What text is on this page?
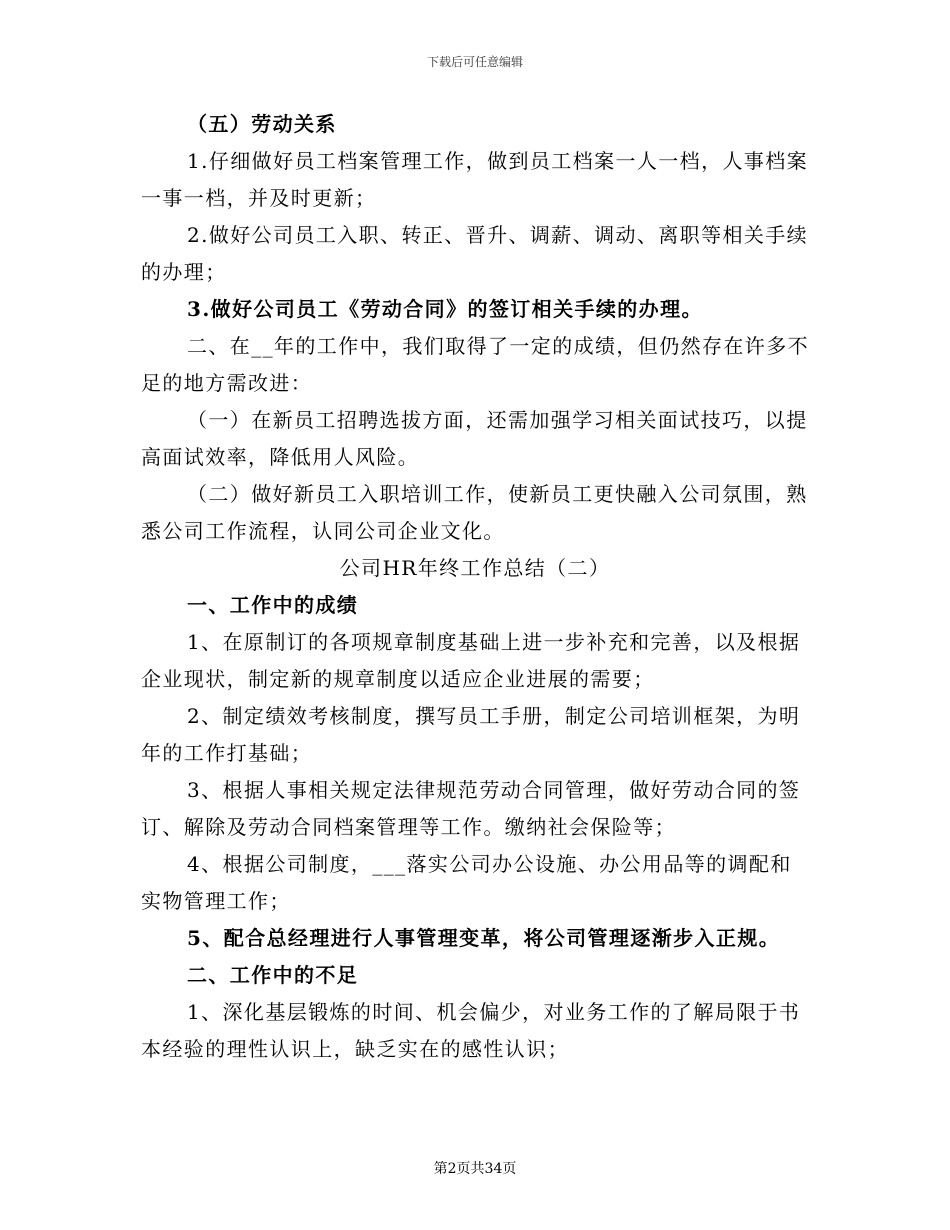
下载后可任意编辑

（五）劳动关系

1.仔细做好员工档案管理工作，做到员工档案一人一档，人事档案一事一档，并及时更新；

2.做好公司员工入职、转正、晋升、调薪、调动、离职等相关手续的办理；

3.做好公司员工《劳动合同》的签订相关手续的办理。

二、在__年的工作中，我们取得了一定的成绩，但仍然存在许多不足的地方需改进：

（一）在新员工招聘选拔方面，还需加强学习相关面试技巧，以提高面试效率，降低用人风险。

（二）做好新员工入职培训工作，使新员工更快融入公司氛围，熟悉公司工作流程，认同公司企业文化。

公司HR年终工作总结（二）

一、工作中的成绩

1、在原制订的各项规章制度基础上进一步补充和完善，以及根据企业现状，制定新的规章制度以适应企业进展的需要；

2、制定绩效考核制度，撰写员工手册，制定公司培训框架，为明年的工作打基础；

3、根据人事相关规定法律规范劳动合同管理，做好劳动合同的签订、解除及劳动合同档案管理等工作。缴纳社会保险等；

4、根据公司制度，___落实公司办公设施、办公用品等的调配和实物管理工作；

5、配合总经理进行人事管理变革，将公司管理逐渐步入正规。

二、工作中的不足

1、深化基层锻炼的时间、机会偏少，对业务工作的了解局限于书本经验的理性认识上，缺乏实在的感性认识；

第2页共34页
